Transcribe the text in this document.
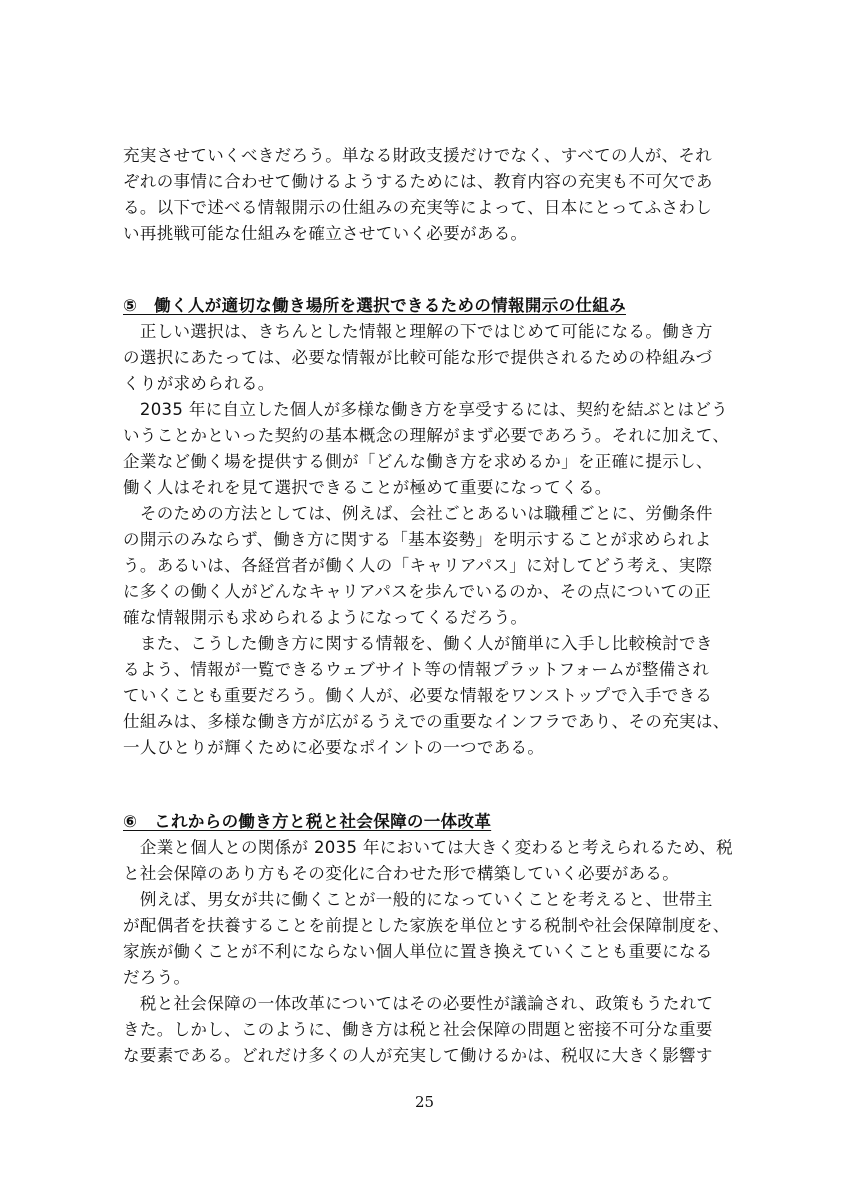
充実させていくべきだろう。単なる財政支援だけでなく、すべての人が、それ
ぞれの事情に合わせて働けるようするためには、教育内容の充実も不可欠であ
る。以下で述べる情報開示の仕組みの充実等によって、日本にとってふさわし
い再挑戦可能な仕組みを確立させていく必要がある。
⑤　働く人が適切な働き場所を選択できるための情報開示の仕組み
　正しい選択は、きちんとした情報と理解の下ではじめて可能になる。働き方
の選択にあたっては、必要な情報が比較可能な形で提供されるための枠組みづ
くりが求められる。
　2035 年に自立した個人が多様な働き方を享受するには、契約を結ぶとはどう
いうことかといった契約の基本概念の理解がまず必要であろう。それに加えて、
企業など働く場を提供する側が「どんな働き方を求めるか」を正確に提示し、
働く人はそれを見て選択できることが極めて重要になってくる。
　そのための方法としては、例えば、会社ごとあるいは職種ごとに、労働条件
の開示のみならず、働き方に関する「基本姿勢」を明示することが求められよ
う。あるいは、各経営者が働く人の「キャリアパス」に対してどう考え、実際
に多くの働く人がどんなキャリアパスを歩んでいるのか、その点についての正
確な情報開示も求められるようになってくるだろう。
　また、こうした働き方に関する情報を、働く人が簡単に入手し比較検討でき
るよう、情報が一覧できるウェブサイト等の情報プラットフォームが整備され
ていくことも重要だろう。働く人が、必要な情報をワンストップで入手できる
仕組みは、多様な働き方が広がるうえでの重要なインフラであり、その充実は、
一人ひとりが輝くために必要なポイントの一つである。
⑥　これからの働き方と税と社会保障の一体改革
　企業と個人との関係が 2035 年においては大きく変わると考えられるため、税
と社会保障のあり方もその変化に合わせた形で構築していく必要がある。
　例えば、男女が共に働くことが一般的になっていくことを考えると、世帯主
が配偶者を扶養することを前提とした家族を単位とする税制や社会保障制度を、
家族が働くことが不利にならない個人単位に置き換えていくことも重要になる
だろう。
　税と社会保障の一体改革についてはその必要性が議論され、政策もうたれて
きた。しかし、このように、働き方は税と社会保障の問題と密接不可分な重要
な要素である。どれだけ多くの人が充実して働けるかは、税収に大きく影響す
25
